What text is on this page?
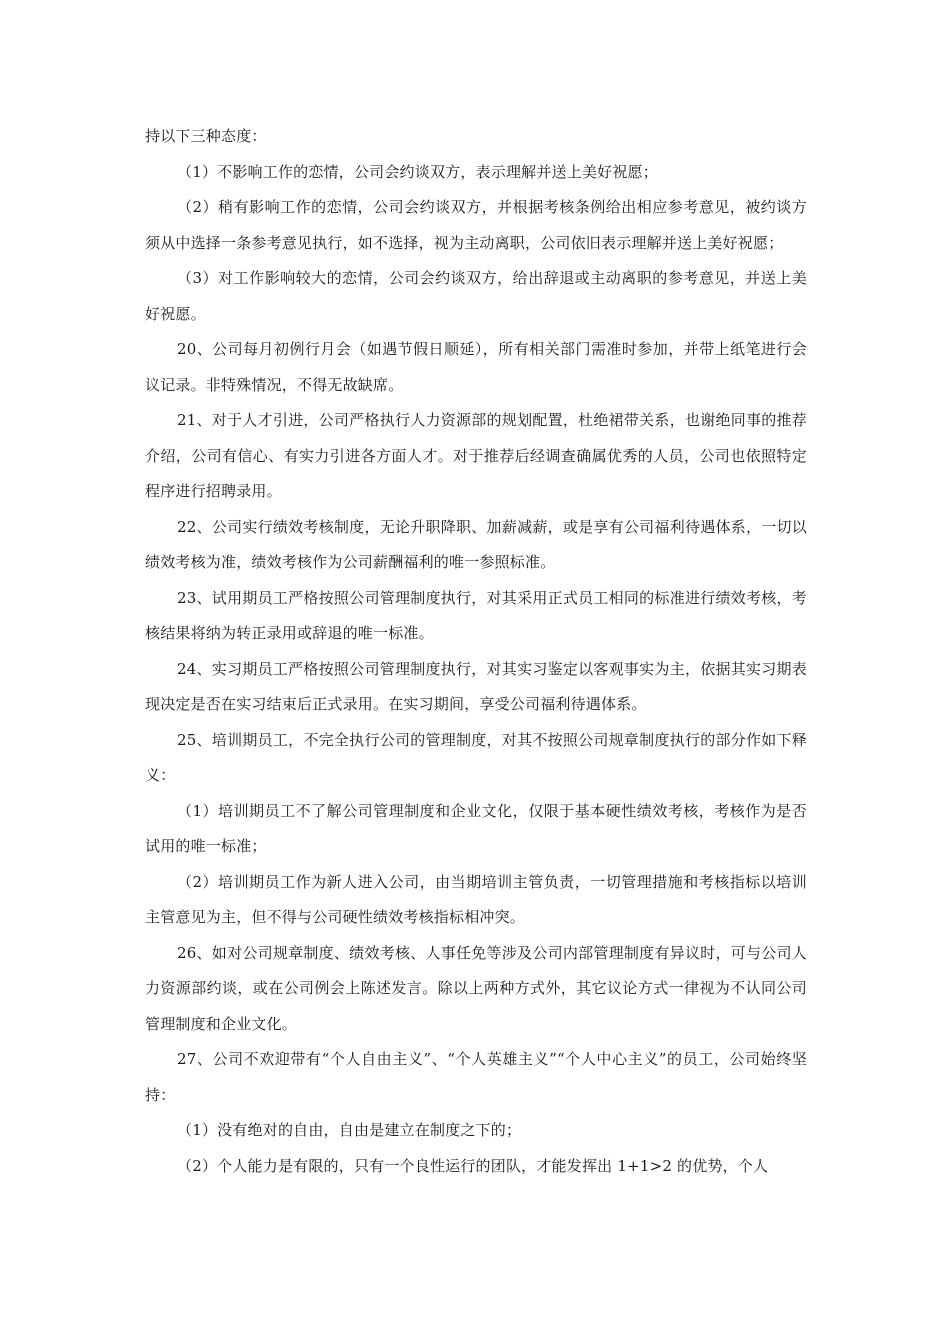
持以下三种态度：

（1）不影响工作的恋情，公司会约谈双方，表示理解并送上美好祝愿；

（2）稍有影响工作的恋情，公司会约谈双方，并根据考核条例给出相应参考意见，被约谈方须从中选择一条参考意见执行，如不选择，视为主动离职，公司依旧表示理解并送上美好祝愿；

（3）对工作影响较大的恋情，公司会约谈双方，给出辞退或主动离职的参考意见，并送上美好祝愿。

20、公司每月初例行月会（如遇节假日顺延），所有相关部门需准时参加，并带上纸笔进行会议记录。非特殊情况，不得无故缺席。

21、对于人才引进，公司严格执行人力资源部的规划配置，杜绝裙带关系，也谢绝同事的推荐介绍，公司有信心、有实力引进各方面人才。对于推荐后经调查确属优秀的人员，公司也依照特定程序进行招聘录用。

22、公司实行绩效考核制度，无论升职降职、加薪减薪，或是享有公司福利待遇体系，一切以绩效考核为准，绩效考核作为公司薪酬福利的唯一参照标准。

23、试用期员工严格按照公司管理制度执行，对其采用正式员工相同的标准进行绩效考核，考核结果将纳为转正录用或辞退的唯一标准。

24、实习期员工严格按照公司管理制度执行，对其实习鉴定以客观事实为主，依据其实习期表现决定是否在实习结束后正式录用。在实习期间，享受公司福利待遇体系。

25、培训期员工，不完全执行公司的管理制度，对其不按照公司规章制度执行的部分作如下释义：

（1）培训期员工不了解公司管理制度和企业文化，仅限于基本硬性绩效考核，考核作为是否试用的唯一标准；

（2）培训期员工作为新人进入公司，由当期培训主管负责，一切管理措施和考核指标以培训主管意见为主，但不得与公司硬性绩效考核指标相冲突。

26、如对公司规章制度、绩效考核、人事任免等涉及公司内部管理制度有异议时，可与公司人力资源部约谈，或在公司例会上陈述发言。除以上两种方式外，其它议论方式一律视为不认同公司管理制度和企业文化。

27、公司不欢迎带有“个人自由主义”、“个人英雄主义”“个人中心主义”的员工，公司始终坚持：

（1）没有绝对的自由，自由是建立在制度之下的；

（2）个人能力是有限的，只有一个良性运行的团队，才能发挥出 1+1>2 的优势，个人
